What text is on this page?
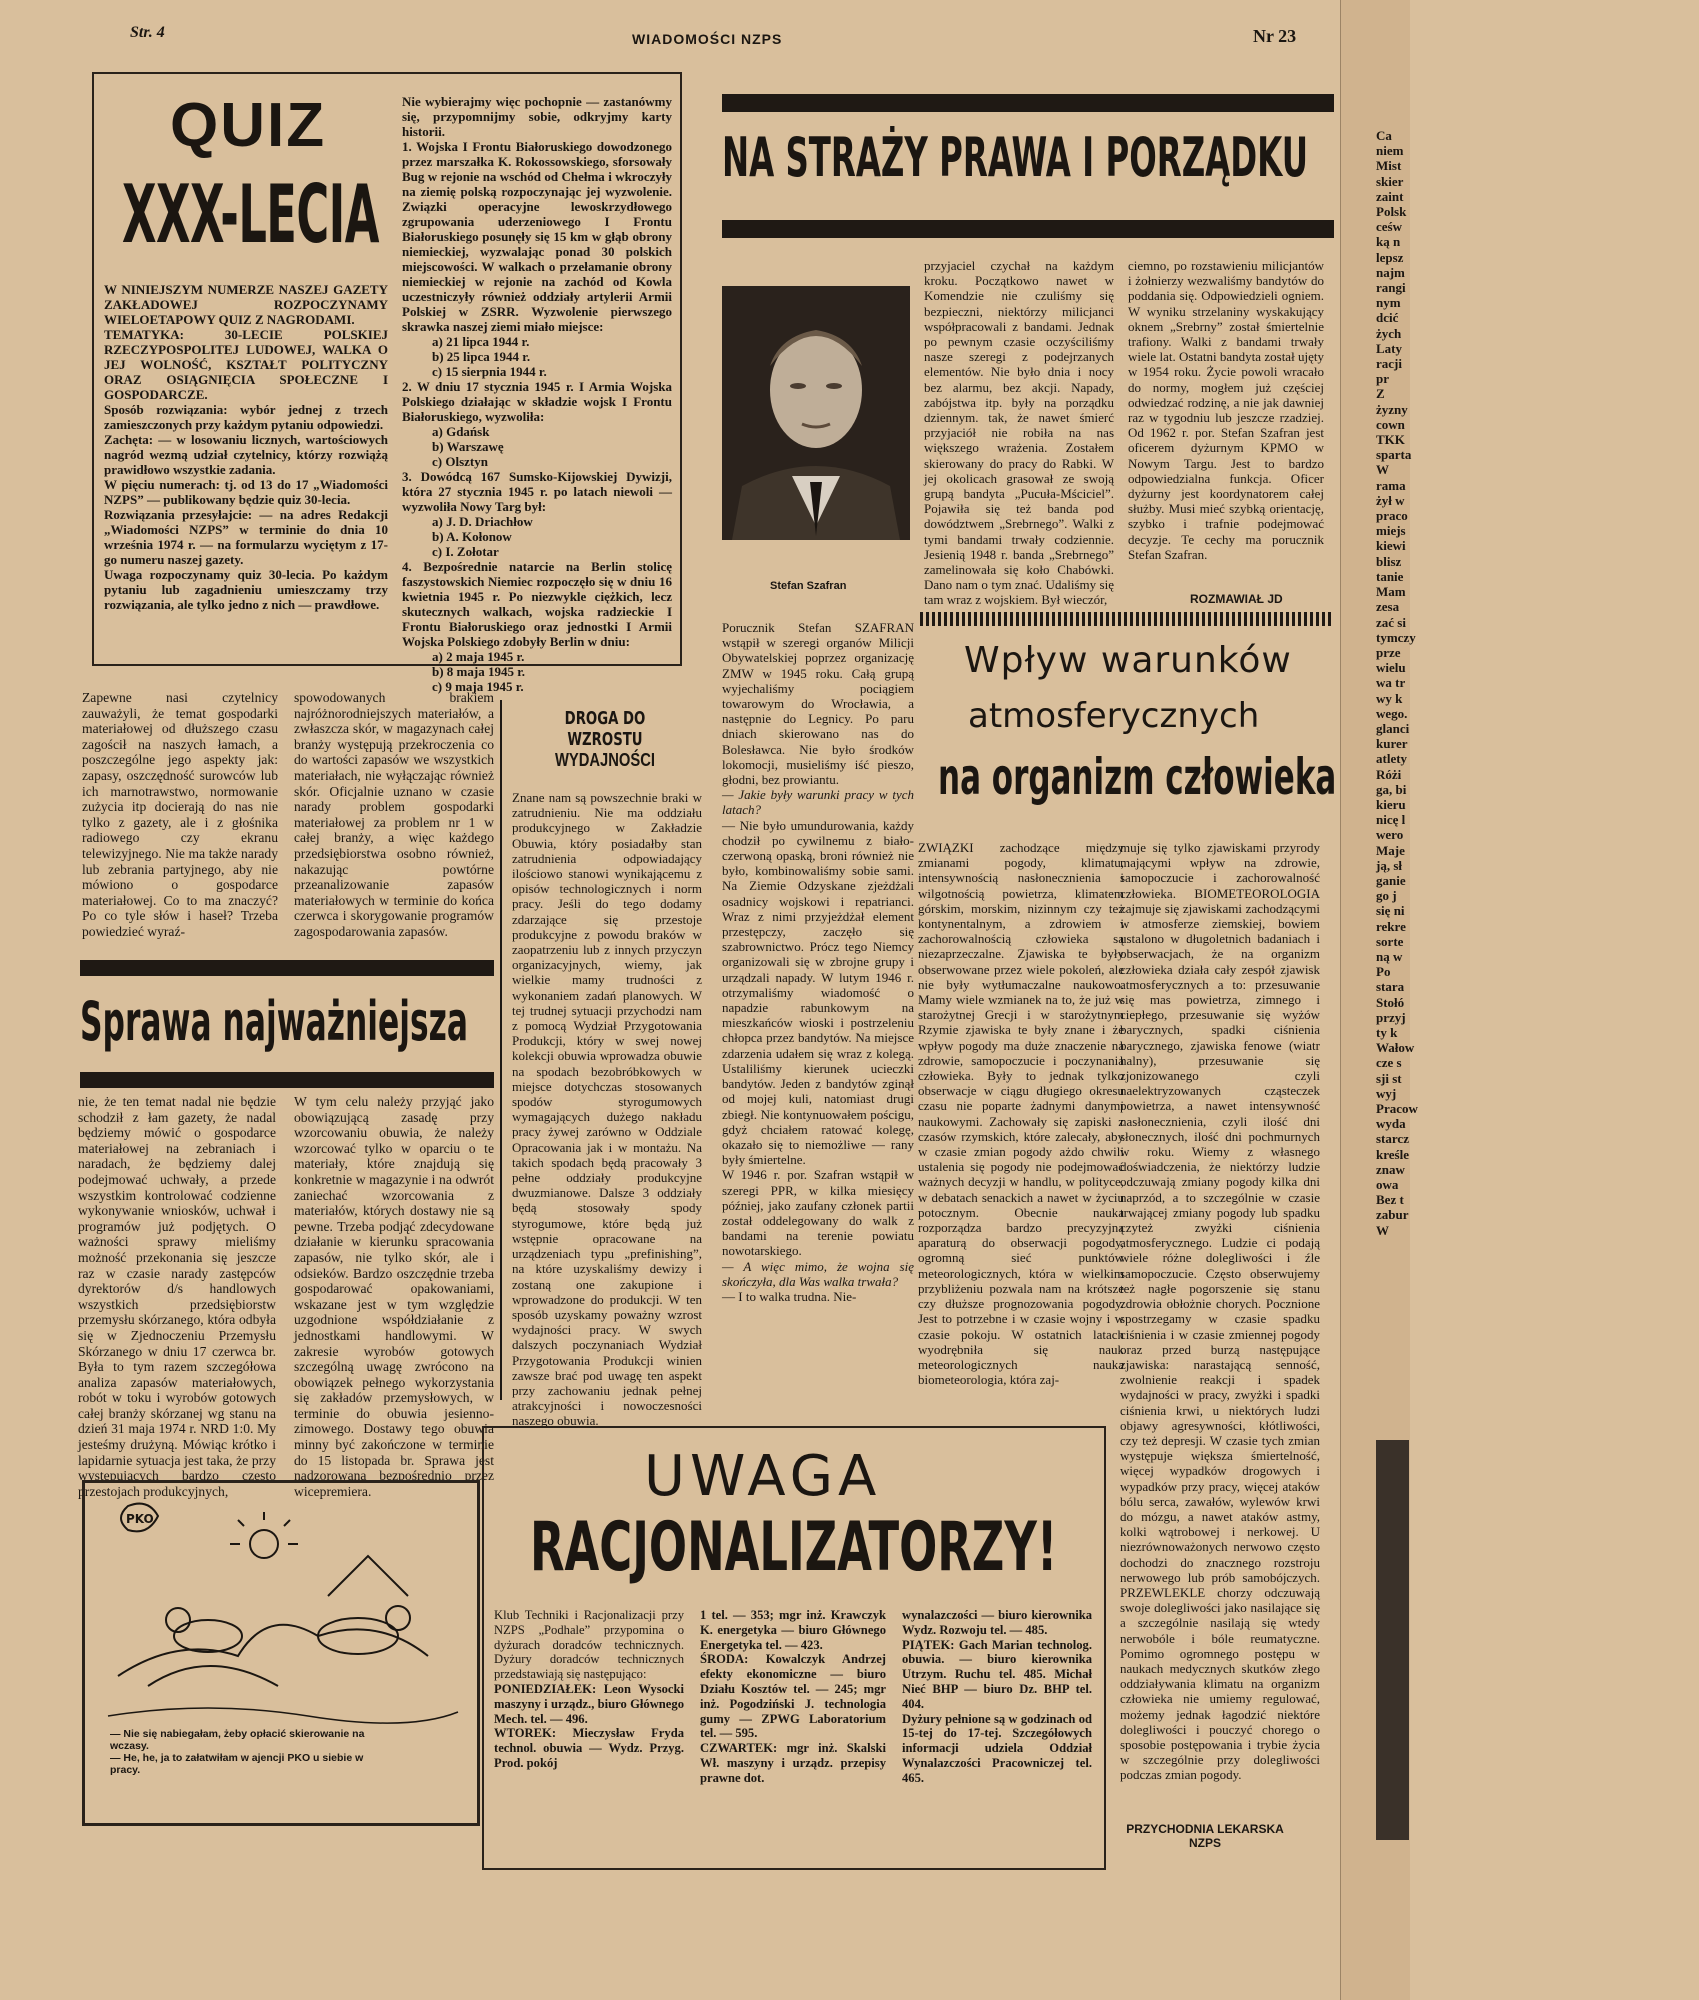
Str. 4	WIADOMOŚCI NZPS	Nr 23
QUIZ
XXX-LECIA

W NINIEJSZYM NUMERZE NASZEJ GAZETY ZAKŁADOWEJ ROZPOCZYNAMY WIELOETAPOWY QUIZ Z NAGRODAMI.

TEMATYKA: 30-LECIE POLSKIEJ RZECZYPOSPOLITEJ LUDOWEJ, WALKA O JEJ WOLNOŚĆ, KSZTAŁT POLITYCZNY ORAZ OSIĄGNIĘCIA SPOŁECZNE I GOSPODARCZE.

Sposób rozwiązania: wybór jednej z trzech zamieszczonych przy każdym pytaniu odpowiedzi.

Zachęta: — w losowaniu licznych, wartościowych nagród wezmą udział czytelnicy, którzy rozwiążą prawidłowo wszystkie zadania.

W pięciu numerach: tj. od 13 do 17 „Wiadomości NZPS” — publikowany będzie quiz 30-lecia.

Rozwiązania przesyłajcie: — na adres Redakcji „Wiadomości NZPS” w terminie do dnia 10 września 1974 r. — na formularzu wyciętym z 17-go numeru naszej gazety.

Uwaga rozpoczynamy quiz 30-lecia. Po każdym pytaniu lub zagadnieniu umieszczamy trzy rozwiązania, ale tylko jedno z nich — prawdłowe.

Nie wybierajmy więc pochopnie — zastanówmy się, przypomnijmy sobie, odkryjmy karty historii.

1. Wojska I Frontu Białoruskiego dowodzonego przez marszałka K. Rokossowskiego, sforsowały Bug w rejonie na wschód od Chełma i wkroczyły na ziemię polską rozpoczynając jej wyzwolenie. Związki operacyjne lewoskrzydłowego zgrupowania uderzeniowego I Frontu Białoruskiego posunęły się 15 km w głąb obrony niemieckiej, wyzwalając ponad 30 polskich miejscowości. W walkach o przełamanie obrony niemieckiej w rejonie na zachód od Kowla uczestniczyły również oddziały artylerii Armii Polskiej w ZSRR. Wyzwolenie pierwszego skrawka naszej ziemi miało miejsce:

a) 21 lipca 1944 r.

b) 25 lipca 1944 r.

c) 15 sierpnia 1944 r.

2. W dniu 17 stycznia 1945 r. I Armia Wojska Polskiego działając w składzie wojsk I Frontu Białoruskiego, wyzwoliła:

a) Gdańsk

b) Warszawę

c) Olsztyn

3. Dowódcą 167 Sumsko-Kijowskiej Dywizji, która 27 stycznia 1945 r. po latach niewoli — wyzwoliła Nowy Targ był:

a) J. D. Driachłow

b) A. Kołonow

c) I. Zołotar

4. Bezpośrednie natarcie na Berlin stolicę faszystowskich Niemiec rozpoczęło się w dniu 16 kwietnia 1945 r. Po niezwykle ciężkich, lecz skutecznych walkach, wojska radzieckie I Frontu Białoruskiego oraz jednostki I Armii Wojska Polskiego zdobyły Berlin w dniu:

a) 2 maja 1945 r.

b) 8 maja 1945 r.

c) 9 maja 1945 r.

NA STRAŻY PRAWA I PORZĄDKU
Stefan Szafran

Porucznik Stefan SZAFRAN wstąpił w szeregi organów Milicji Obywatelskiej poprzez organizację ZMW w 1945 roku. Całą grupą wyjechaliśmy pociągiem towarowym do Wrocławia, a następnie do Legnicy. Po paru dniach skierowano nas do Bolesławca. Nie było środków lokomocji, musieliśmy iść pieszo, głodni, bez prowiantu.

— Jakie były warunki pracy w tych latach?

— Nie było umundurowania, każdy chodził po cywilnemu z biało-czerwoną opaską, broni również nie było, kombinowaliśmy sobie sami. Na Ziemie Odzyskane zjeżdżali osadnicy wojskowi i repatrianci. Wraz z nimi przyjeżdżał element przestępczy, zaczęło się szabrownictwo. Prócz tego Niemcy organizowali się w zbrojne grupy i urządzali napady. W lutym 1946 r. otrzymaliśmy wiadomość o napadzie rabunkowym na mieszkańców wioski i postrzeleniu chłopca przez bandytów. Na miejsce zdarzenia udałem się wraz z kolegą. Ustaliliśmy kierunek ucieczki bandytów. Jeden z bandytów zginął od mojej kuli, natomiast drugi zbiegł. Nie kontynuowałem pościgu, gdyż chciałem ratować kolegę, okazało się to niemożliwe — rany były śmiertelne.

W 1946 r. por. Szafran wstąpił w szeregi PPR, w kilka miesięcy później, jako zaufany członek partii został oddelegowany do walk z bandami na terenie powiatu nowotarskiego.

— A więc mimo, że wojna się skończyła, dla Was walka trwała?

— I to walka trudna. Nie-

przyjaciel czychał na każdym kroku. Początkowo nawet w Komendzie nie czuliśmy się bezpieczni, niektórzy milicjanci współpracowali z bandami. Jednak po pewnym czasie oczyściliśmy nasze szeregi z podejrzanych elementów. Nie było dnia i nocy bez alarmu, bez akcji. Napady, zabójstwa itp. były na porządku dziennym. tak, że nawet śmierć przyjaciół nie robiła na nas większego wrażenia. Zostałem skierowany do pracy do Rabki. W jej okolicach grasował ze swoją grupą bandyta „Pucuła-Mściciel”. Pojawiła się też banda pod dowództwem „Srebrnego”. Walki z tymi bandami trwały codziennie. Jesienią 1948 r. banda „Srebrnego” zamelinowała się koło Chabówki. Dano nam o tym znać. Udaliśmy się tam wraz z wojskiem. Był wieczór,

ciemno, po rozstawieniu milicjantów i żołnierzy wezwaliśmy bandytów do poddania się. Odpowiedzieli ogniem. W wyniku strzelaniny wyskakujący oknem „Srebrny” został śmiertelnie trafiony. Walki z bandami trwały wiele lat. Ostatni bandyta został ujęty w 1954 roku. Życie powoli wracało do normy, mogłem już częściej odwiedzać rodzinę, a nie jak dawniej raz w tygodniu lub jeszcze rzadziej. Od 1962 r. por. Stefan Szafran jest oficerem dyżurnym KPMO w Nowym Targu. Jest to bardzo odpowiedzialna funkcja. Oficer dyżurny jest koordynatorem całej służby. Musi mieć szybką orientację, szybko i trafnie podejmować decyzje. Te cechy ma porucznik Stefan Szafran.

ROZMAWIAŁ JD

Zapewne nasi czytelnicy zauważyli, że temat gospodarki materiałowej od dłuższego czasu zagościł na naszych łamach, a poszczególne jego aspekty jak: zapasy, oszczędność surowców lub ich marnotrawstwo, normowanie zużycia itp docierają do nas nie tylko z gazety, ale i z głośnika radiowego czy ekranu telewizyjnego. Nie ma także narady lub zebrania partyjnego, aby nie mówiono o gospodarce materiałowej. Co to ma znaczyć? Po co tyle słów i haseł? Trzeba powiedzieć wyraź-

spowodowanych brakiem najróżnorodniejszych materiałów, a zwłaszcza skór, w magazynach całej branży występują przekroczenia co do wartości zapasów we wszystkich materiałach, nie wyłączając również skór. Oficjalnie uznano w czasie narady problem gospodarki materiałowej za problem nr 1 w całej branży, a więc każdego przedsiębiorstwa osobno również, nakazując powtórne przeanalizowanie zapasów materiałowych w terminie do końca czerwca i skorygowanie programów zagospodarowania zapasów.

Sprawa najważniejsza

nie, że ten temat nadal nie będzie schodził z łam gazety, że nadal będziemy mówić o gospodarce materiałowej na zebraniach i naradach, że będziemy dalej podejmować uchwały, a przede wszystkim kontrolować codzienne wykonywanie wniosków, uchwał i programów już podjętych. O ważności sprawy mieliśmy możność przekonania się jeszcze raz w czasie narady zastępców dyrektorów d/s handlowych wszystkich przedsiębiorstw przemysłu skórzanego, która odbyła się w Zjednoczeniu Przemysłu Skórzanego w dniu 17 czerwca br. Była to tym razem szczegółowa analiza zapasów materiałowych, robót w toku i wyrobów gotowych całej branży skórzanej wg stanu na dzień 31 maja 1974 r. NRD 1:0. My jesteśmy drużyną. Mówiąc krótko i lapidarnie sytuacja jest taka, że przy występujących bardzo często przestojach produkcyjnych,

W tym celu należy przyjąć jako obowiązującą zasadę przy wzorcowaniu obuwia, że należy wzorcować tylko w oparciu o te materiały, które znajdują się konkretnie w magazynie i na odwrót zaniechać wzorcowania z materiałów, których dostawy nie są pewne. Trzeba podjąć zdecydowane działanie w kierunku spracowania zapasów, nie tylko skór, ale i odsieków. Bardzo oszczędnie trzeba gospodarować opakowaniami, wskazane jest w tym względzie uzgodnione współdziałanie z jednostkami handlowymi. W zakresie wyrobów gotowych szczególną uwagę zwrócono na obowiązek pełnego wykorzystania się zakładów przemysłowych, w terminie do obuwia jesienno-zimowego. Dostawy tego obuwia minny być zakończone w terminie do 15 listopada br. Sprawa jest nadzorowana bezpośrednio przez wicepremiera.

DROGA DO WZROSTU
WYDAJNOŚCI

Znane nam są powszechnie braki w zatrudnieniu. Nie ma oddziału produkcyjnego w Zakładzie Obuwia, który posiadałby stan zatrudnienia odpowiadający ilościowo stanowi wynikającemu z opisów technologicznych i norm pracy. Jeśli do tego dodamy zdarzające się przestoje produkcyjne z powodu braków w zaopatrzeniu lub z innych przyczyn organizacyjnych, wiemy, jak wielkie mamy trudności z wykonaniem zadań planowych. W tej trudnej sytuacji przychodzi nam z pomocą Wydział Przygotowania Produkcji, który w swej nowej kolekcji obuwia wprowadza obuwie na spodach bezobróbkowych w miejsce dotychczas stosowanych spodów styrogumowych wymagających dużego nakładu pracy żywej zarówno w Oddziale Opracowania jak i w montażu. Na takich spodach będą pracowały 3 pełne oddziały produkcyjne dwuzmianowe. Dalsze 3 oddziały będą stosowały spody styrogumowe, które będą już wstępnie opracowane na urządzeniach typu „prefinishing”, na które uzyskaliśmy dewizy i zostaną one zakupione i wprowadzone do produkcji. W ten sposób uzyskamy poważny wzrost wydajności pracy. W swych dalszych poczynaniach Wydział Przygotowania Produkcji winien zawsze brać pod uwagę ten aspekt przy zachowaniu jednak pełnej atrakcyjności i nowoczesności naszego obuwia.

Wpływ warunków
atmosferycznych
na organizm człowieka

ZWIĄZKI zachodzące między zmianami pogody, klimatu, intensywnością nasłonecznienia i wilgotnością powietrza, klimatem górskim, morskim, nizinnym czy też kontynentalnym, a zdrowiem i zachorowalnością człowieka są niezaprzeczalne. Zjawiska te były obserwowane przez wiele pokoleń, ale nie były wytłumaczalne naukowo. Mamy wiele wzmianek na to, że już w starożytnej Grecji i w starożytnym Rzymie zjawiska te były znane i że wpływ pogody ma duże znaczenie na zdrowie, samopoczucie i poczynania człowieka. Były to jednak tylko obserwacje w ciągu długiego okresu czasu nie poparte żadnymi danymi naukowymi. Zachowały się zapiski z czasów rzymskich, które zalecały, aby w czasie zmian pogody ażdo chwili ustalenia się pogody nie podejmować ważnych decyzji w handlu, w polityce, w debatach senackich a nawet w życiu potocznym. Obecnie nauka rozporządza bardzo precyzyjną aparaturą do obserwacji pogody, ogromną sieć punktów meteorologicznych, która w wielkim przybliżeniu pozwala nam na krótsze czy dłuższe prognozowania pogody. Jest to potrzebne i w czasie wojny i w czasie pokoju. W ostatnich latach wyodrębniła się nauk meteorologicznych nauka biometeorologia, która zaj-

muje się tylko zjawiskami przyrody mającymi wpływ na zdrowie, samopoczucie i zachorowalność człowieka. BIOMETEOROLOGIA zajmuje się zjawiskami zachodzącymi w atmosferze ziemskiej, bowiem ustalono w długoletnich badaniach i obserwacjach, że na organizm człowieka działa cały zespół zjawisk atmosferycznych a to: przesuwanie się mas powietrza, zimnego i ciepłego, przesuwanie się wyżów barycznych, spadki ciśnienia barycznego, zjawiska fenowe (wiatr halny), przesuwanie się zjonizowanego czyli naelektryzowanych cząsteczek powietrza, a nawet intensywność nasłonecznienia, czyli ilość dni słonecznych, ilość dni pochmurnych w roku. Wiemy z własnego doświadczenia, że niektórzy ludzie odczuwają zmiany pogody kilka dni naprzód, a to szczególnie w czasie trwającej zmiany pogody lub spadku czyteż zwyżki ciśnienia atmosferycznego. Ludzie ci podają wiele różne dolegliwości i źle samopoczucie. Często obserwujemy też nagłe pogorszenie się stanu zdrowia obłożnie chorych. Pocznione spostrzegamy w czasie spadku ciśnienia i w czasie zmiennej pogody oraz przed burzą następujące zjawiska: narastającą senność, zwolnienie reakcji i spadek wydajności w pracy, zwyżki i spadki ciśnienia krwi, u niektórych ludzi objawy agresywności, kłótliwości, czy też depresji. W czasie tych zmian występuje większa śmiertelność, więcej wypadków drogowych i wypadków przy pracy, więcej ataków bólu serca, zawałów, wylewów krwi do mózgu, a nawet ataków astmy, kolki wątrobowej i nerkowej. U niezrównoważonych nerwowo często dochodzi do znacznego rozstroju nerwowego lub prób samobójczych. PRZEWLEKLE chorzy odczuwają swoje dolegliwości jako nasilające się a szczególnie nasilają się wtedy nerwobóle i bóle reumatyczne. Pomimo ogromnego postępu w naukach medycznych skutków złego oddziaływania klimatu na organizm człowieka nie umiemy regulować, możemy jednak łagodzić niektóre dolegliwości i pouczyć chorego o sposobie postępowania i trybie życia w szczególnie przy dolegliwości podczas zmian pogody.

PRZYCHODNIA LEKARSKA
NZPS
UWAGA
RACJONALIZATORZY!

Klub Techniki i Racjonalizacji przy NZPS „Podhale” przypomina o dyżurach doradców technicznych. Dyżury doradców technicznych przedstawiają się następująco:

PONIEDZIAŁEK: Leon Wysocki maszyny i urządz., biuro Głównego Mech. tel. — 496.

WTOREK: Mieczysław Fryda technol. obuwia — Wydz. Przyg. Prod. pokój

1 tel. — 353; mgr inż. Krawczyk K. energetyka — biuro Głównego Energetyka tel. — 423.

ŚRODA: Kowalczyk Andrzej efekty ekonomiczne — biuro Działu Kosztów tel. — 245; mgr inż. Pogodziński J. technologia gumy — ZPWG Laboratorium tel. — 595.

CZWARTEK: mgr inż. Skalski Wł. maszyny i urządz. przepisy prawne dot.

wynalazczości — biuro kierownika Wydz. Rozwoju tel. — 485.

PIĄTEK: Gach Marian technolog. obuwia. — biuro kierownika Utrzym. Ruchu tel. 485. Michał Nieć BHP — biuro Dz. BHP tel. 404.

Dyżury pełnione są w godzinach od 15-tej do 17-tej. Szczegółowych informacji udziela Oddział Wynalazczości Pracowniczej tel. 465.

PKO
— Nie się nabiegałam, żeby opłacić skierowanie na wczasy.
— He, he, ja to załatwiłam w ajencji PKO u siebie w pracy.
Ca
niem
Mist
skier
zaint
Polsk
ceśw
ką n
lepsz
najm
rangi
nym
dcić
żych
Laty
racji
pr
Z
żyzny
cown
TKK
sparta
W
rama
żył w
praco
miejs
kiewi
blisz
tanie
Mam
zesa
zać si
tymczy
prze
wielu
wa tr
wy k
wego.
glanci
kurer
atlety
Różi
ga, bi
kieru
nicę l
wero
Maje
ją, sł
ganie
go j
się ni
rekre
sorte
ną w
Po
stara
Stołó
przyj
ty k
Wałow
cze s
sji st
wyj
Pracow
wyda
starcz
kreśle
znaw
owa
Bez t
zabur
W
